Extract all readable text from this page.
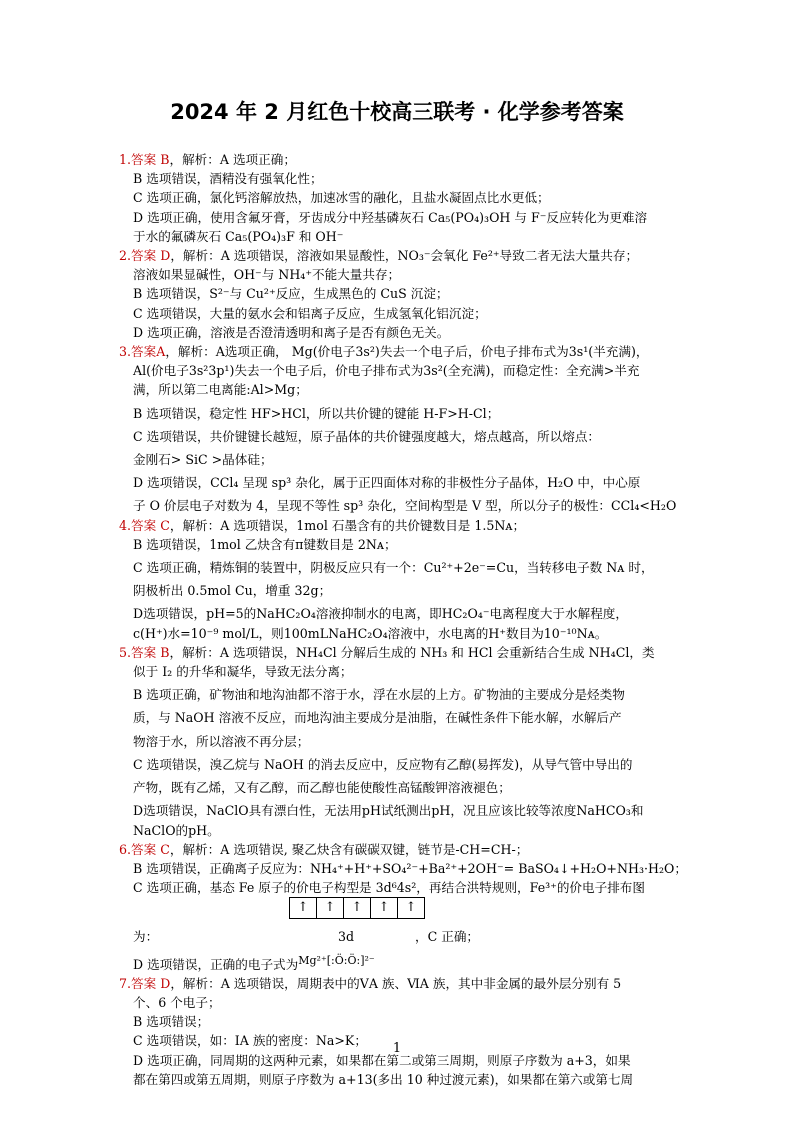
2024 年 2 月红色十校高三联考 · 化学参考答案

1.答案 B，解析：A 选项正确；

B 选项错误，酒精没有强氧化性；

C 选项正确，氯化钙溶解放热，加速冰雪的融化，且盐水凝固点比水更低；

D 选项正确，使用含氟牙膏，牙齿成分中羟基磷灰石 Ca₅(PO₄)₃OH 与 F⁻反应转化为更难溶

于水的氟磷灰石 Ca₅(PO₄)₃F 和 OH⁻

2.答案 D，解析：A 选项错误，溶液如果显酸性，NO₃⁻会氧化 Fe²⁺导致二者无法大量共存；

溶液如果显碱性，OH⁻与 NH₄⁺不能大量共存；

B 选项错误，S²⁻与 Cu²⁺反应，生成黑色的 CuS 沉淀；

C 选项错误，大量的氨水会和铝离子反应，生成氢氧化铝沉淀；

D 选项正确，溶液是否澄清透明和离子是否有颜色无关。

3.答案A，解析：A选项正确， Mg(价电子3s²)失去一个电子后，价电子排布式为3s¹(半充满)，

Al(价电子3s²3p¹)失去一个电子后，价电子排布式为3s²(全充满)，而稳定性：全充满>半充

满，所以第二电离能:Al>Mg；

B 选项错误，稳定性 HF>HCl，所以共价键的键能 H-F>H-Cl；

C 选项错误，共价键键长越短，原子晶体的共价键强度越大，熔点越高，所以熔点：

金刚石> SiC >晶体硅；

D 选项错误，CCl₄ 呈现 sp³ 杂化，属于正四面体对称的非极性分子晶体，H₂O 中，中心原

子 O 价层电子对数为 4，呈现不等性 sp³ 杂化，空间构型是 V 型，所以分子的极性：CCl₄<H₂O

4.答案 C，解析：A 选项错误，1mol 石墨含有的共价键数目是 1.5Nᴀ；

B 选项错误，1mol 乙炔含有π键数目是 2Nᴀ；

C 选项正确，精炼铜的装置中，阴极反应只有一个：Cu²⁺+2e⁻=Cu，当转移电子数 Nᴀ 时，

阴极析出 0.5mol Cu，增重 32g；

D选项错误，pH=5的NaHC₂O₄溶液抑制水的电离，即HC₂O₄⁻电离程度大于水解程度，

c(H⁺)水=10⁻⁹ mol/L，则100mLNaHC₂O₄溶液中，水电离的H⁺数目为10⁻¹⁰Nᴀ。

5.答案 B，解析：A 选项错误，NH₄Cl 分解后生成的 NH₃ 和 HCl 会重新结合生成 NH₄Cl，类

似于 I₂ 的升华和凝华，导致无法分离；

B 选项正确，矿物油和地沟油都不溶于水，浮在水层的上方。矿物油的主要成分是烃类物

质，与 NaOH 溶液不反应，而地沟油主要成分是油脂，在碱性条件下能水解，水解后产

物溶于水，所以溶液不再分层；

C 选项错误，溴乙烷与 NaOH 的消去反应中，反应物有乙醇(易挥发)，从导气管中导出的

产物，既有乙烯，又有乙醇，而乙醇也能使酸性高锰酸钾溶液褪色；

D选项错误，NaClO具有漂白性，无法用pH试纸测出pH，况且应该比较等浓度NaHCO₃和

NaClO的pH。

6.答案 C，解析：A 选项错误, 聚乙炔含有碳碳双键，链节是-CH=CH-；

B 选项错误，正确离子反应为：NH₄⁺+H⁺+SO₄²⁻+Ba²⁺+2OH⁻= BaSO₄↓+H₂O+NH₃·H₂O；

C 选项正确，基态 Fe 原子的价电子构型是 3d⁶4s²，再结合洪特规则，Fe³⁺的价电子排布图

↑	↑	↑	↑	↑

为：	3d	，C 正确；

D 选项错误，正确的电子式为Mg²⁺[:Ö:Ö:]²⁻

7.答案 D，解析：A 选项错误，周期表中的ⅤA 族、ⅥA 族，其中非金属的最外层分别有 5

个、6 个电子；

B 选项错误；

C 选项错误，如：ⅠA 族的密度：Na>K；

D 选项正确，同周期的这两种元素，如果都在第二或第三周期，则原子序数为 a+3，如果

都在第四或第五周期，则原子序数为 a+13(多出 10 种过渡元素)，如果都在第六或第七周

1
